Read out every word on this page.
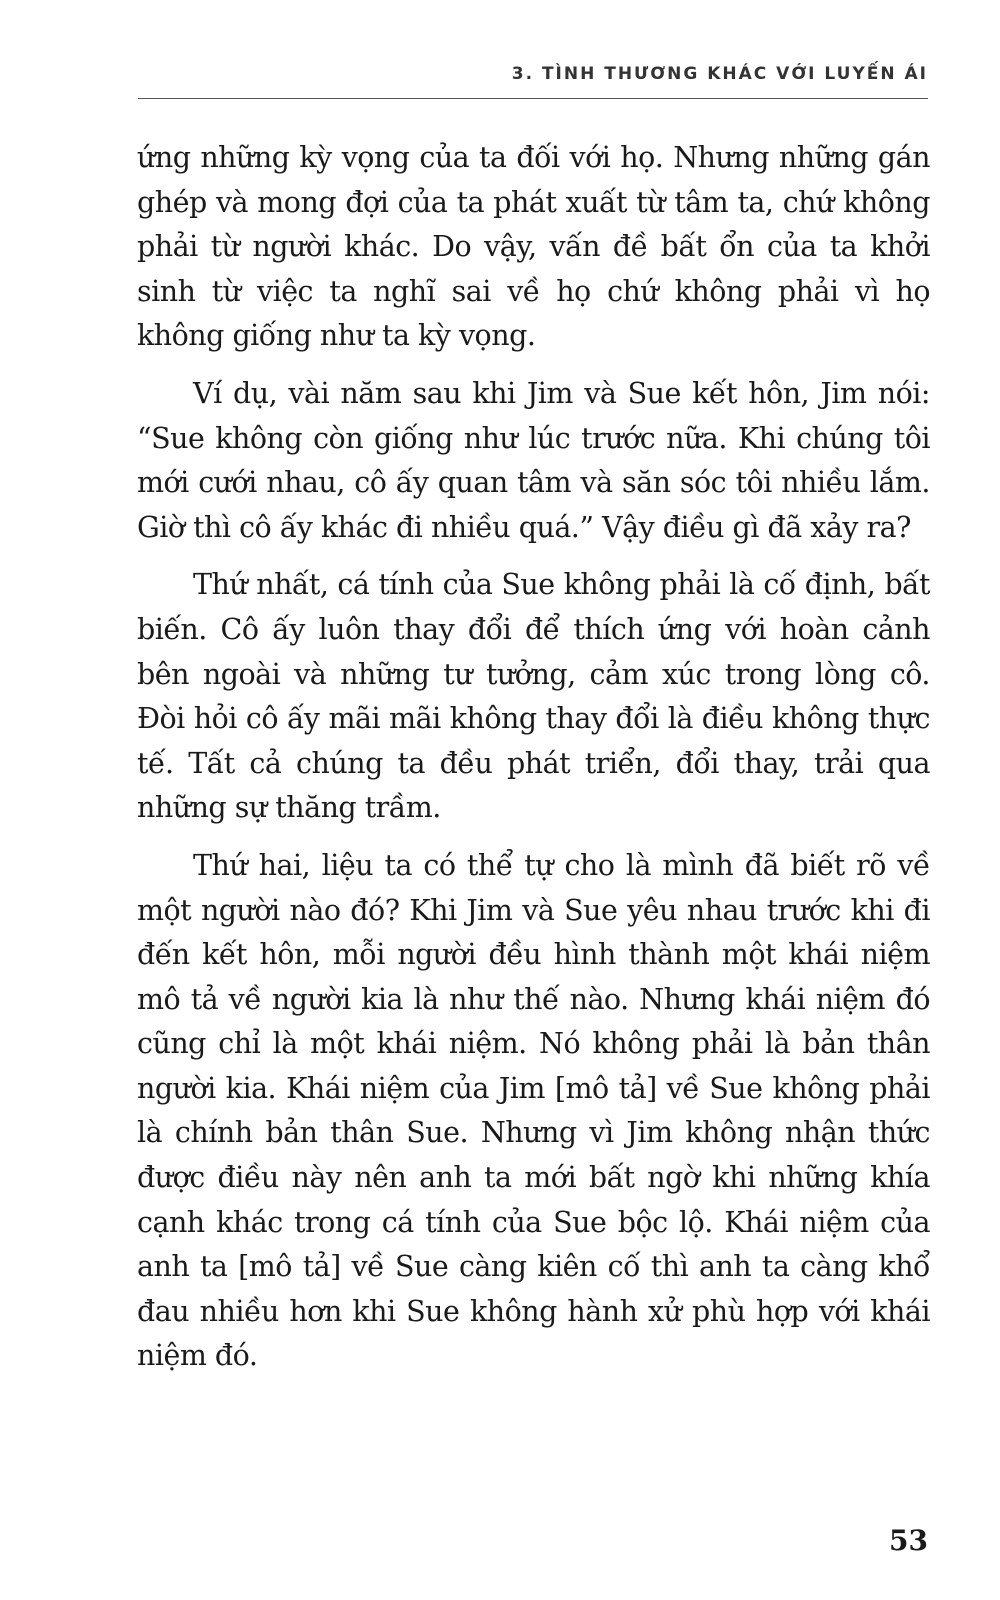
3. TÌNH THƯƠNG KHÁC VỚI LUYẾN ÁI

ứng những kỳ vọng của ta đối với họ. Nhưng những gán ghép và mong đợi của ta phát xuất từ tâm ta, chứ không phải từ người khác. Do vậy, vấn đề bất ổn của ta khởi sinh từ việc ta nghĩ sai về họ chứ không phải vì họ không giống như ta kỳ vọng.

Ví dụ, vài năm sau khi Jim và Sue kết hôn, Jim nói: “Sue không còn giống như lúc trước nữa. Khi chúng tôi mới cưới nhau, cô ấy quan tâm và săn sóc tôi nhiều lắm. Giờ thì cô ấy khác đi nhiều quá.” Vậy điều gì đã xảy ra?

Thứ nhất, cá tính của Sue không phải là cố định, bất biến. Cô ấy luôn thay đổi để thích ứng với hoàn cảnh bên ngoài và những tư tưởng, cảm xúc trong lòng cô. Đòi hỏi cô ấy mãi mãi không thay đổi là điều không thực tế. Tất cả chúng ta đều phát triển, đổi thay, trải qua những sự thăng trầm.

Thứ hai, liệu ta có thể tự cho là mình đã biết rõ về một người nào đó? Khi Jim và Sue yêu nhau trước khi đi đến kết hôn, mỗi người đều hình thành một khái niệm mô tả về người kia là như thế nào. Nhưng khái niệm đó cũng chỉ là một khái niệm. Nó không phải là bản thân người kia. Khái niệm của Jim [mô tả] về Sue không phải là chính bản thân Sue. Nhưng vì Jim không nhận thức được điều này nên anh ta mới bất ngờ khi những khía cạnh khác trong cá tính của Sue bộc lộ. Khái niệm của anh ta [mô tả] về Sue càng kiên cố thì anh ta càng khổ đau nhiều hơn khi Sue không hành xử phù hợp với khái niệm đó.

53
